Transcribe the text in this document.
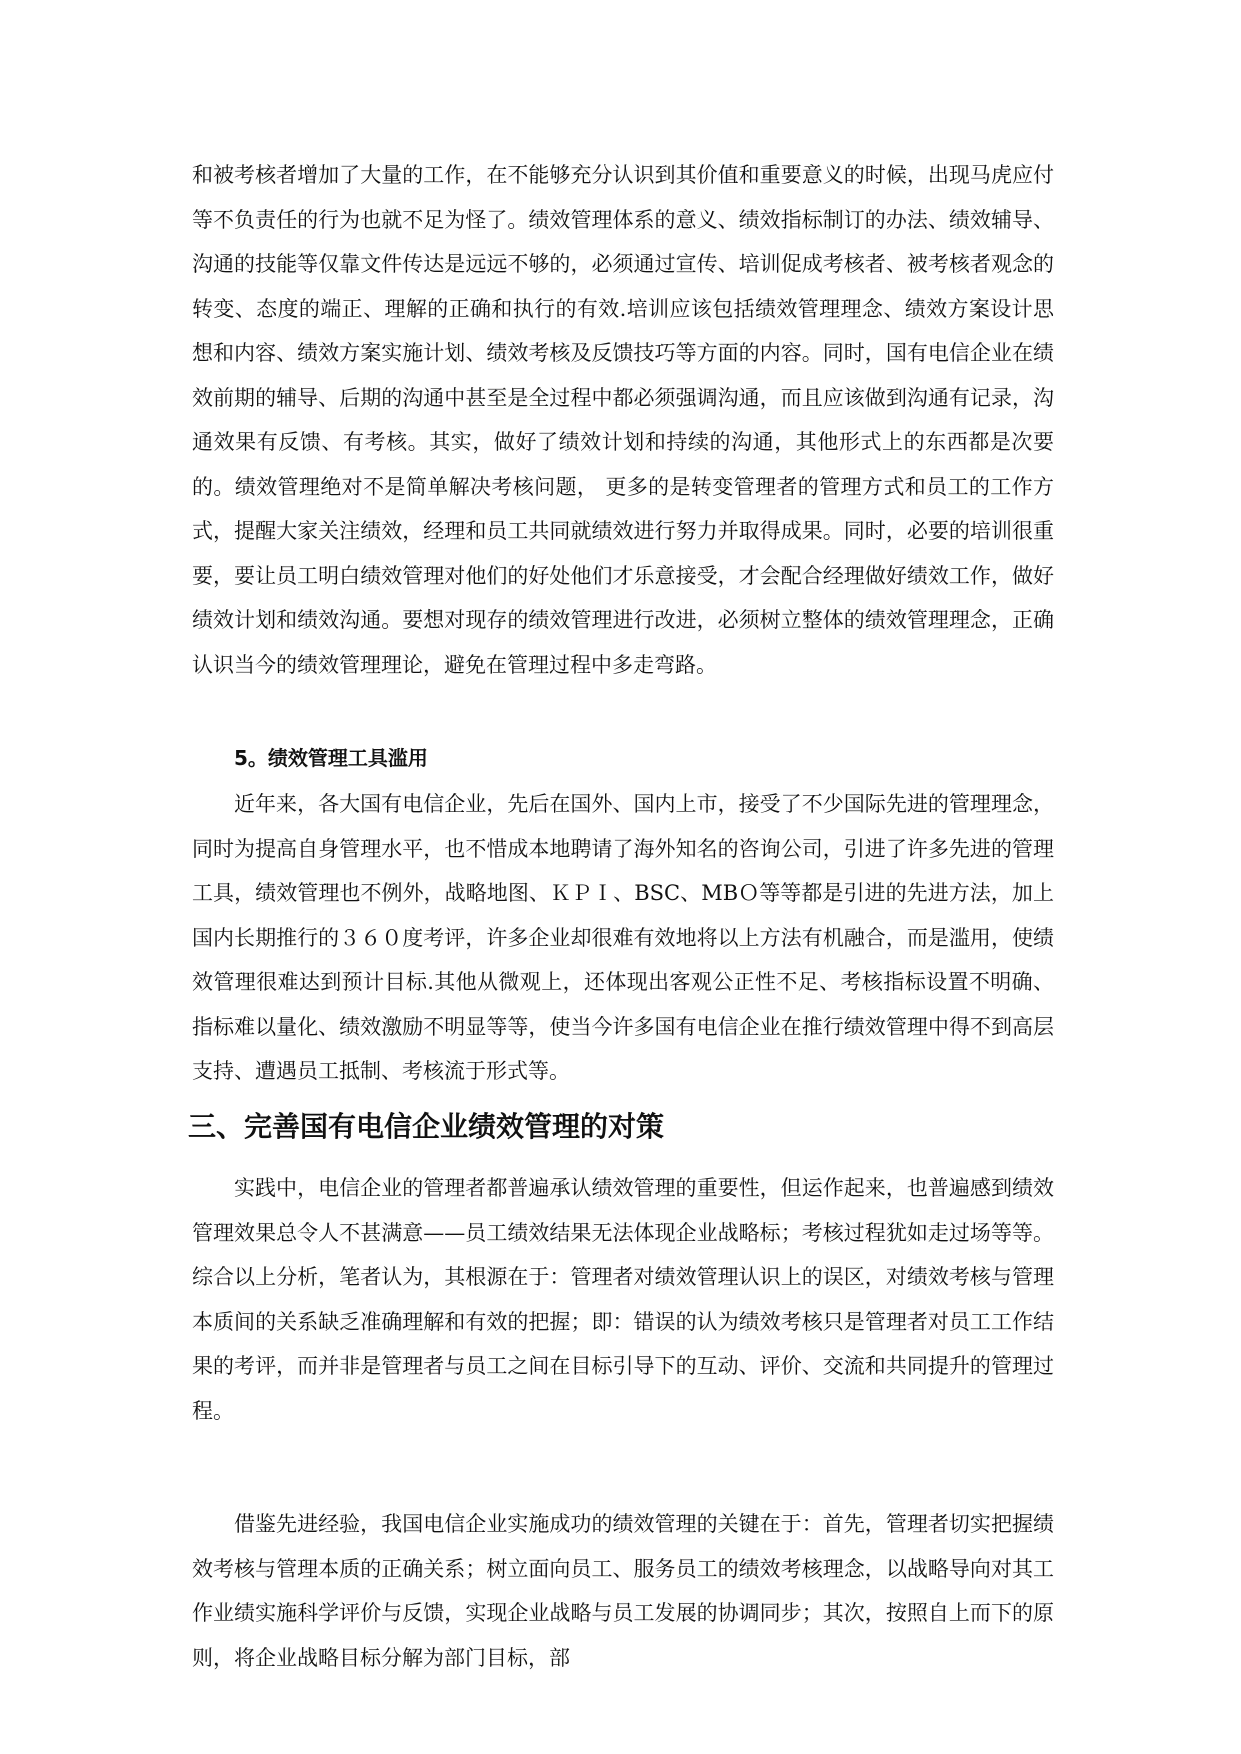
和被考核者增加了大量的工作，在不能够充分认识到其价值和重要意义的时候，出现马虎应付等不负责任的行为也就不足为怪了。绩效管理体系的意义、绩效指标制订的办法、绩效辅导、沟通的技能等仅靠文件传达是远远不够的，必须通过宣传、培训促成考核者、被考核者观念的转变、态度的端正、理解的正确和执行的有效.培训应该包括绩效管理理念、绩效方案设计思想和内容、绩效方案实施计划、绩效考核及反馈技巧等方面的内容。同时，国有电信企业在绩效前期的辅导、后期的沟通中甚至是全过程中都必须强调沟通，而且应该做到沟通有记录，沟通效果有反馈、有考核。其实，做好了绩效计划和持续的沟通，其他形式上的东西都是次要的。绩效管理绝对不是简单解决考核问题， 更多的是转变管理者的管理方式和员工的工作方式，提醒大家关注绩效，经理和员工共同就绩效进行努力并取得成果。同时，必要的培训很重要，要让员工明白绩效管理对他们的好处他们才乐意接受，才会配合经理做好绩效工作，做好绩效计划和绩效沟通。要想对现存的绩效管理进行改进，必须树立整体的绩效管理理念，正确认识当今的绩效管理理论，避免在管理过程中多走弯路。

5。绩效管理工具滥用

近年来，各大国有电信企业，先后在国外、国内上市，接受了不少国际先进的管理理念，同时为提高自身管理水平，也不惜成本地聘请了海外知名的咨询公司，引进了许多先进的管理工具，绩效管理也不例外，战略地图、ＫＰＩ、BSC、MBＯ等等都是引进的先进方法，加上国内长期推行的３６０度考评，许多企业却很难有效地将以上方法有机融合，而是滥用，使绩效管理很难达到预计目标.其他从微观上，还体现出客观公正性不足、考核指标设置不明确、指标难以量化、绩效激励不明显等等，使当今许多国有电信企业在推行绩效管理中得不到高层支持、遭遇员工抵制、考核流于形式等。

三、完善国有电信企业绩效管理的对策

实践中，电信企业的管理者都普遍承认绩效管理的重要性，但运作起来，也普遍感到绩效管理效果总令人不甚满意——员工绩效结果无法体现企业战略标；考核过程犹如走过场等等。综合以上分析，笔者认为，其根源在于：管理者对绩效管理认识上的误区，对绩效考核与管理本质间的关系缺乏准确理解和有效的把握；即：错误的认为绩效考核只是管理者对员工工作结果的考评，而并非是管理者与员工之间在目标引导下的互动、评价、交流和共同提升的管理过程。

借鉴先进经验，我国电信企业实施成功的绩效管理的关键在于：首先，管理者切实把握绩效考核与管理本质的正确关系；树立面向员工、服务员工的绩效考核理念，以战略导向对其工作业绩实施科学评价与反馈，实现企业战略与员工发展的协调同步；其次，按照自上而下的原则，将企业战略目标分解为部门目标，部
